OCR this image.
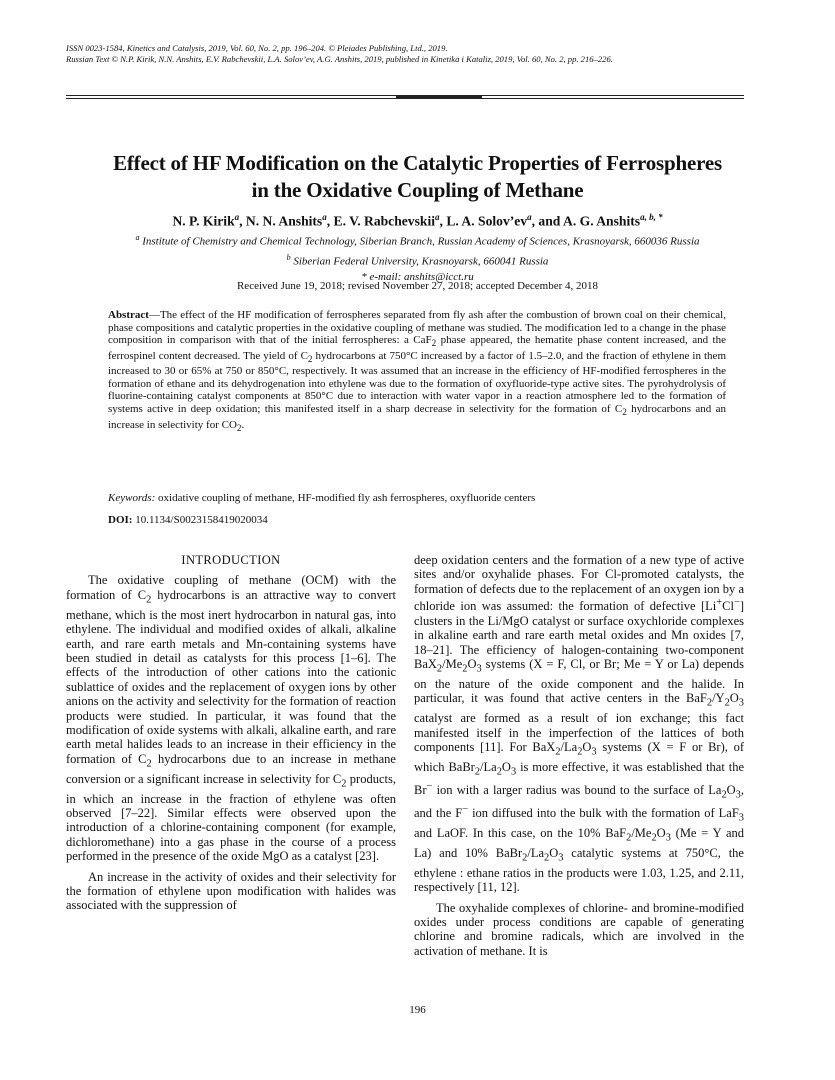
ISSN 0023-1584, Kinetics and Catalysis, 2019, Vol. 60, No. 2, pp. 196–204. © Pleiades Publishing, Ltd., 2019.
Russian Text © N.P. Kirik, N.N. Anshits, E.V. Rabchevskii, L.A. Solov’ev, A.G. Anshits, 2019, published in Kinetika i Kataliz, 2019, Vol. 60, No. 2, pp. 216–226.
Effect of HF Modification on the Catalytic Properties of Ferrospheres
in the Oxidative Coupling of Methane
N. P. Kirik$^a$, N. N. Anshits$^a$, E. V. Rabchevskii$^a$, L. A. $Solov’ev^a$, and A. G. Anshits$^{a, b, *}$
$^a$ Institute of Chemistry and Chemical Technology, Siberian Branch, Russian Academy of Sciences, Krasnoyarsk, 660036 Russia
$^b$ Siberian Federal University, Krasnoyarsk, 660041 Russia
* e-mail: anshits@icct.ru
Received June 19, 2018; revised November 27, 2018; accepted December 4, 2018
Abstract—The effect of the HF modification of ferrospheres separated from fly ash after the combustion of brown coal on their chemical, phase compositions and catalytic properties in the oxidative coupling of methane was studied. The modification led to a change in the phase composition in comparison with that of the initial ferrospheres: a CaF$_2$ phase appeared, the hematite phase content increased, and the ferrospinel content decreased. The yield of $C_2$ hydrocarbons at 750°C increased by a factor of 1.5–2.0, and the fraction of ethylene in them increased to 30 or 65% at 750 or 850°C, respectively. It was assumed that an increase in the efficiency of HF-modified ferrospheres in the formation of ethane and its dehydrogenation into ethylene was due to the formation of oxyfluoride-type active sites. The pyrohydrolysis of fluorine-containing catalyst components at 850°C due to interaction with water vapor in a reaction atmosphere led to the formation of systems active in deep oxidation; this manifested itself in a sharp decrease in selectivity for the formation of $C_2$ hydrocarbons and an increase in selectivity for $CO_2$.
Keywords: oxidative coupling of methane, HF-modified fly ash ferrospheres, oxyfluoride centers
DOI: 10.1134/S0023158419020034
INTRODUCTION

The oxidative coupling of methane (OCM) with the formation of $C_2$ hydrocarbons is an attractive way to convert methane, which is the most inert hydrocarbon in natural gas, into ethylene. The individual and modified oxides of alkali, alkaline earth, and rare earth metals and Mn-containing systems have been studied in detail as catalysts for this process [1–6]. The effects of the introduction of other cations into the cationic sublattice of oxides and the replacement of oxygen ions by other anions on the activity and selectivity for the formation of reaction products were studied. In particular, it was found that the modification of oxide systems with alkali, alkaline earth, and rare earth metal halides leads to an increase in their efficiency in the formation of $C_2$ hydrocarbons due to an increase in methane conversion or a significant increase in selectivity for $C_2$ products, in which an increase in the fraction of ethylene was often observed [7–22]. Similar effects were observed upon the introduction of a chlorine-containing component (for example, dichloromethane) into a gas phase in the course of a process performed in the presence of the oxide MgO as a catalyst [23].

An increase in the activity of oxides and their selectivity for the formation of ethylene upon modification with halides was associated with the suppression of

deep oxidation centers and the formation of a new type of active sites and/or oxyhalide phases. For Cl-promoted catalysts, the formation of defects due to the replacement of an oxygen ion by a chloride ion was assumed: the formation of defective [Li+Cl−] clusters in the Li/MgO catalyst or surface oxychloride complexes in alkaline earth and rare earth metal oxides and Mn oxides [7, 18–21]. The efficiency of halogen-containing two-component $BaX_2/Me_2O_3$ systems (X = F, Cl, or Br; Me = Y or La) depends on the nature of the oxide component and the halide. In particular, it was found that active centers in the $BaF_2/Y_2O_3$ catalyst are formed as a result of ion exchange; this fact manifested itself in the imperfection of the lattices of both components [11]. For $BaX_2/La_2O_3$ systems (X = F or Br), of which $BaBr_2/La_2O_3$ is more effective, it was established that the Br− ion with a larger radius was bound to the surface of $La_2O_3$, and the F− ion diffused into the bulk with the formation of LaF$_3$ and LaOF. In this case, on the 10% $BaF_2/Me_2O_3$ (Me = Y and La) and 10% $BaBr_2/La_2O_3$ catalytic systems at 750°C, the ethylene : ethane ratios in the products were 1.03, 1.25, and 2.11, respectively [11, 12].

The oxyhalide complexes of chlorine- and bromine-modified oxides under process conditions are capable of generating chlorine and bromine radicals, which are involved in the activation of methane. It is

196
